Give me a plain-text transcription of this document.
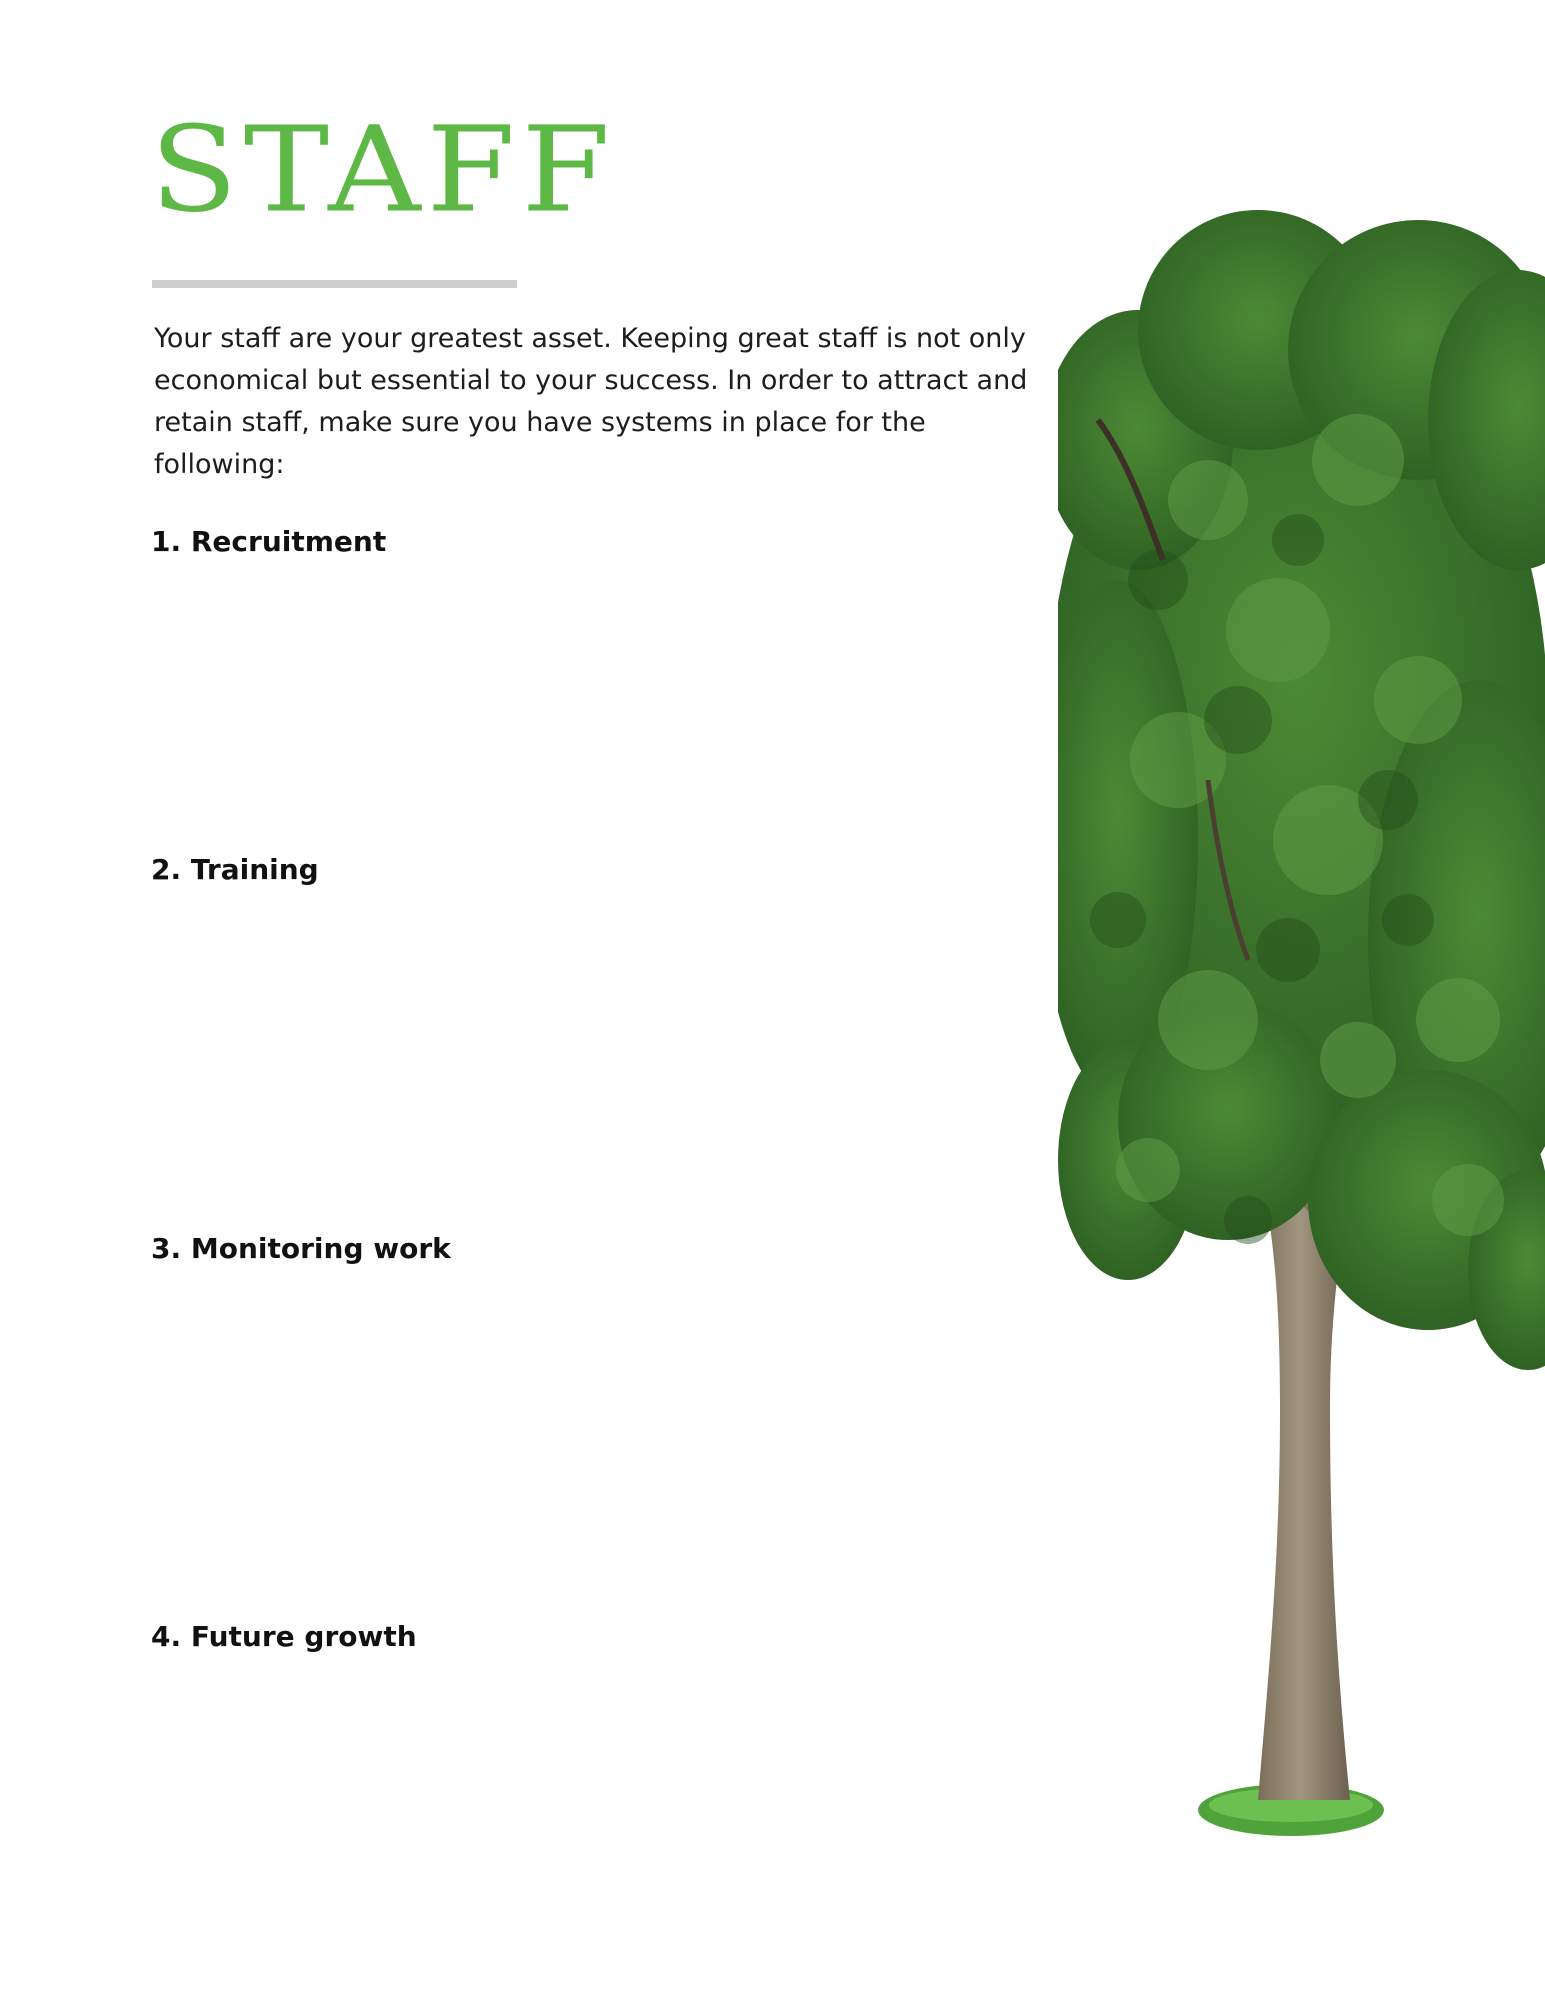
STAFF

Your staff are your greatest asset. Keeping great staff is not only economical but essential to your success. In order to attract and retain staff, make sure you have systems in place for the following:

1. Recruitment
2. Training
3. Monitoring work
4. Future growth
